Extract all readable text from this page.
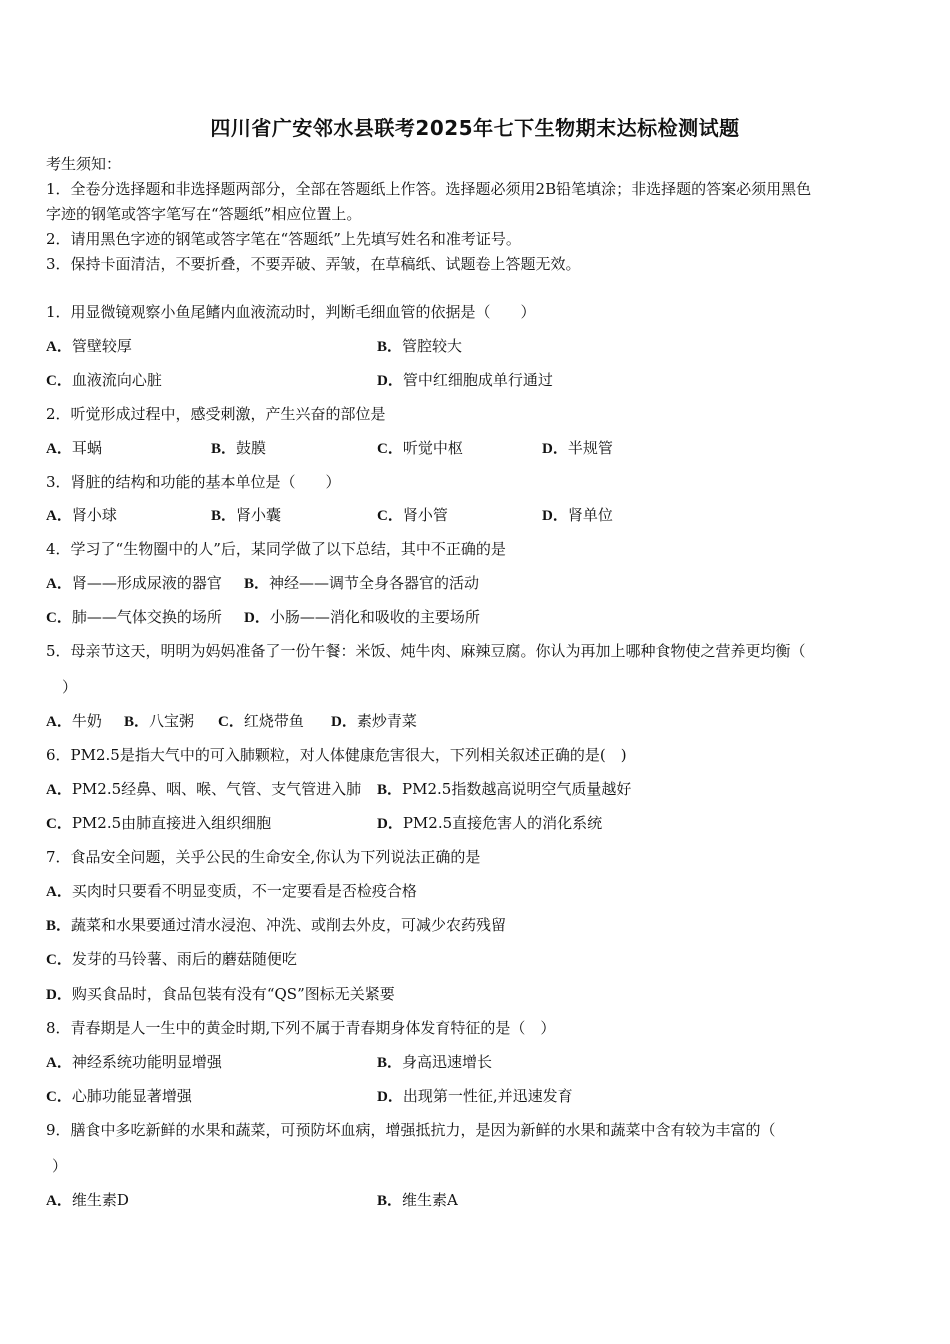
四川省广安邻水县联考2025年七下生物期末达标检测试题
考生须知：
1．全卷分选择题和非选择题两部分，全部在答题纸上作答。选择题必须用2B铅笔填涂；非选择题的答案必须用黑色
字迹的钢笔或答字笔写在“答题纸”相应位置上。
2．请用黑色字迹的钢笔或答字笔在“答题纸”上先填写姓名和准考证号。
3．保持卡面清洁，不要折叠，不要弄破、弄皱，在草稿纸、试题卷上答题无效。
1．用显微镜观察小鱼尾鳍内血液流动时，判断毛细血管的依据是（　　）
A．管壁较厚	B．管腔较大
C．血液流向心脏	D．管中红细胞成单行通过
2．听觉形成过程中，感受刺激，产生兴奋的部位是
A．耳蜗	B．鼓膜	C．听觉中枢	D．半规管
3．肾脏的结构和功能的基本单位是（　　）
A．肾小球	B．肾小囊	C．肾小管	D．肾单位
4．学习了“生物圈中的人”后，某同学做了以下总结，其中不正确的是
A．肾——形成尿液的器官 B．神经——调节全身各器官的活动
C．肺——气体交换的场所 D．小肠——消化和吸收的主要场所
5．母亲节这天，明明为妈妈准备了一份午餐：米饭、炖牛肉、麻辣豆腐。你认为再加上哪种食物使之营养更均衡（
）
A．牛奶 B．八宝粥 C．红烧带鱼 D．素炒青菜
6．PM2.5是指大气中的可入肺颗粒，对人体健康危害很大，下列相关叙述正确的是(　)
A．PM2.5经鼻、咽、喉、气管、支气管进入肺 B．PM2.5指数越高说明空气质量越好
C．PM2.5由肺直接进入组织细胞	D．PM2.5直接危害人的消化系统
7．食品安全问题，关乎公民的生命安全,你认为下列说法正确的是
A．买肉时只要看不明显变质，不一定要看是否检疫合格
B．蔬菜和水果要通过清水浸泡、冲洗、或削去外皮，可减少农药残留
C．发芽的马铃薯、雨后的蘑菇随便吃
D．购买食品时，食品包装有没有“QS”图标无关紧要
8．青春期是人一生中的黄金时期,下列不属于青春期身体发育特征的是（　）
A．神经系统功能明显增强	B．身高迅速增长
C．心肺功能显著增强	D．出现第一性征,并迅速发育
9．膳食中多吃新鲜的水果和蔬菜，可预防坏血病，增强抵抗力，是因为新鲜的水果和蔬菜中含有较为丰富的（
）
A．维生素D	B．维生素A
